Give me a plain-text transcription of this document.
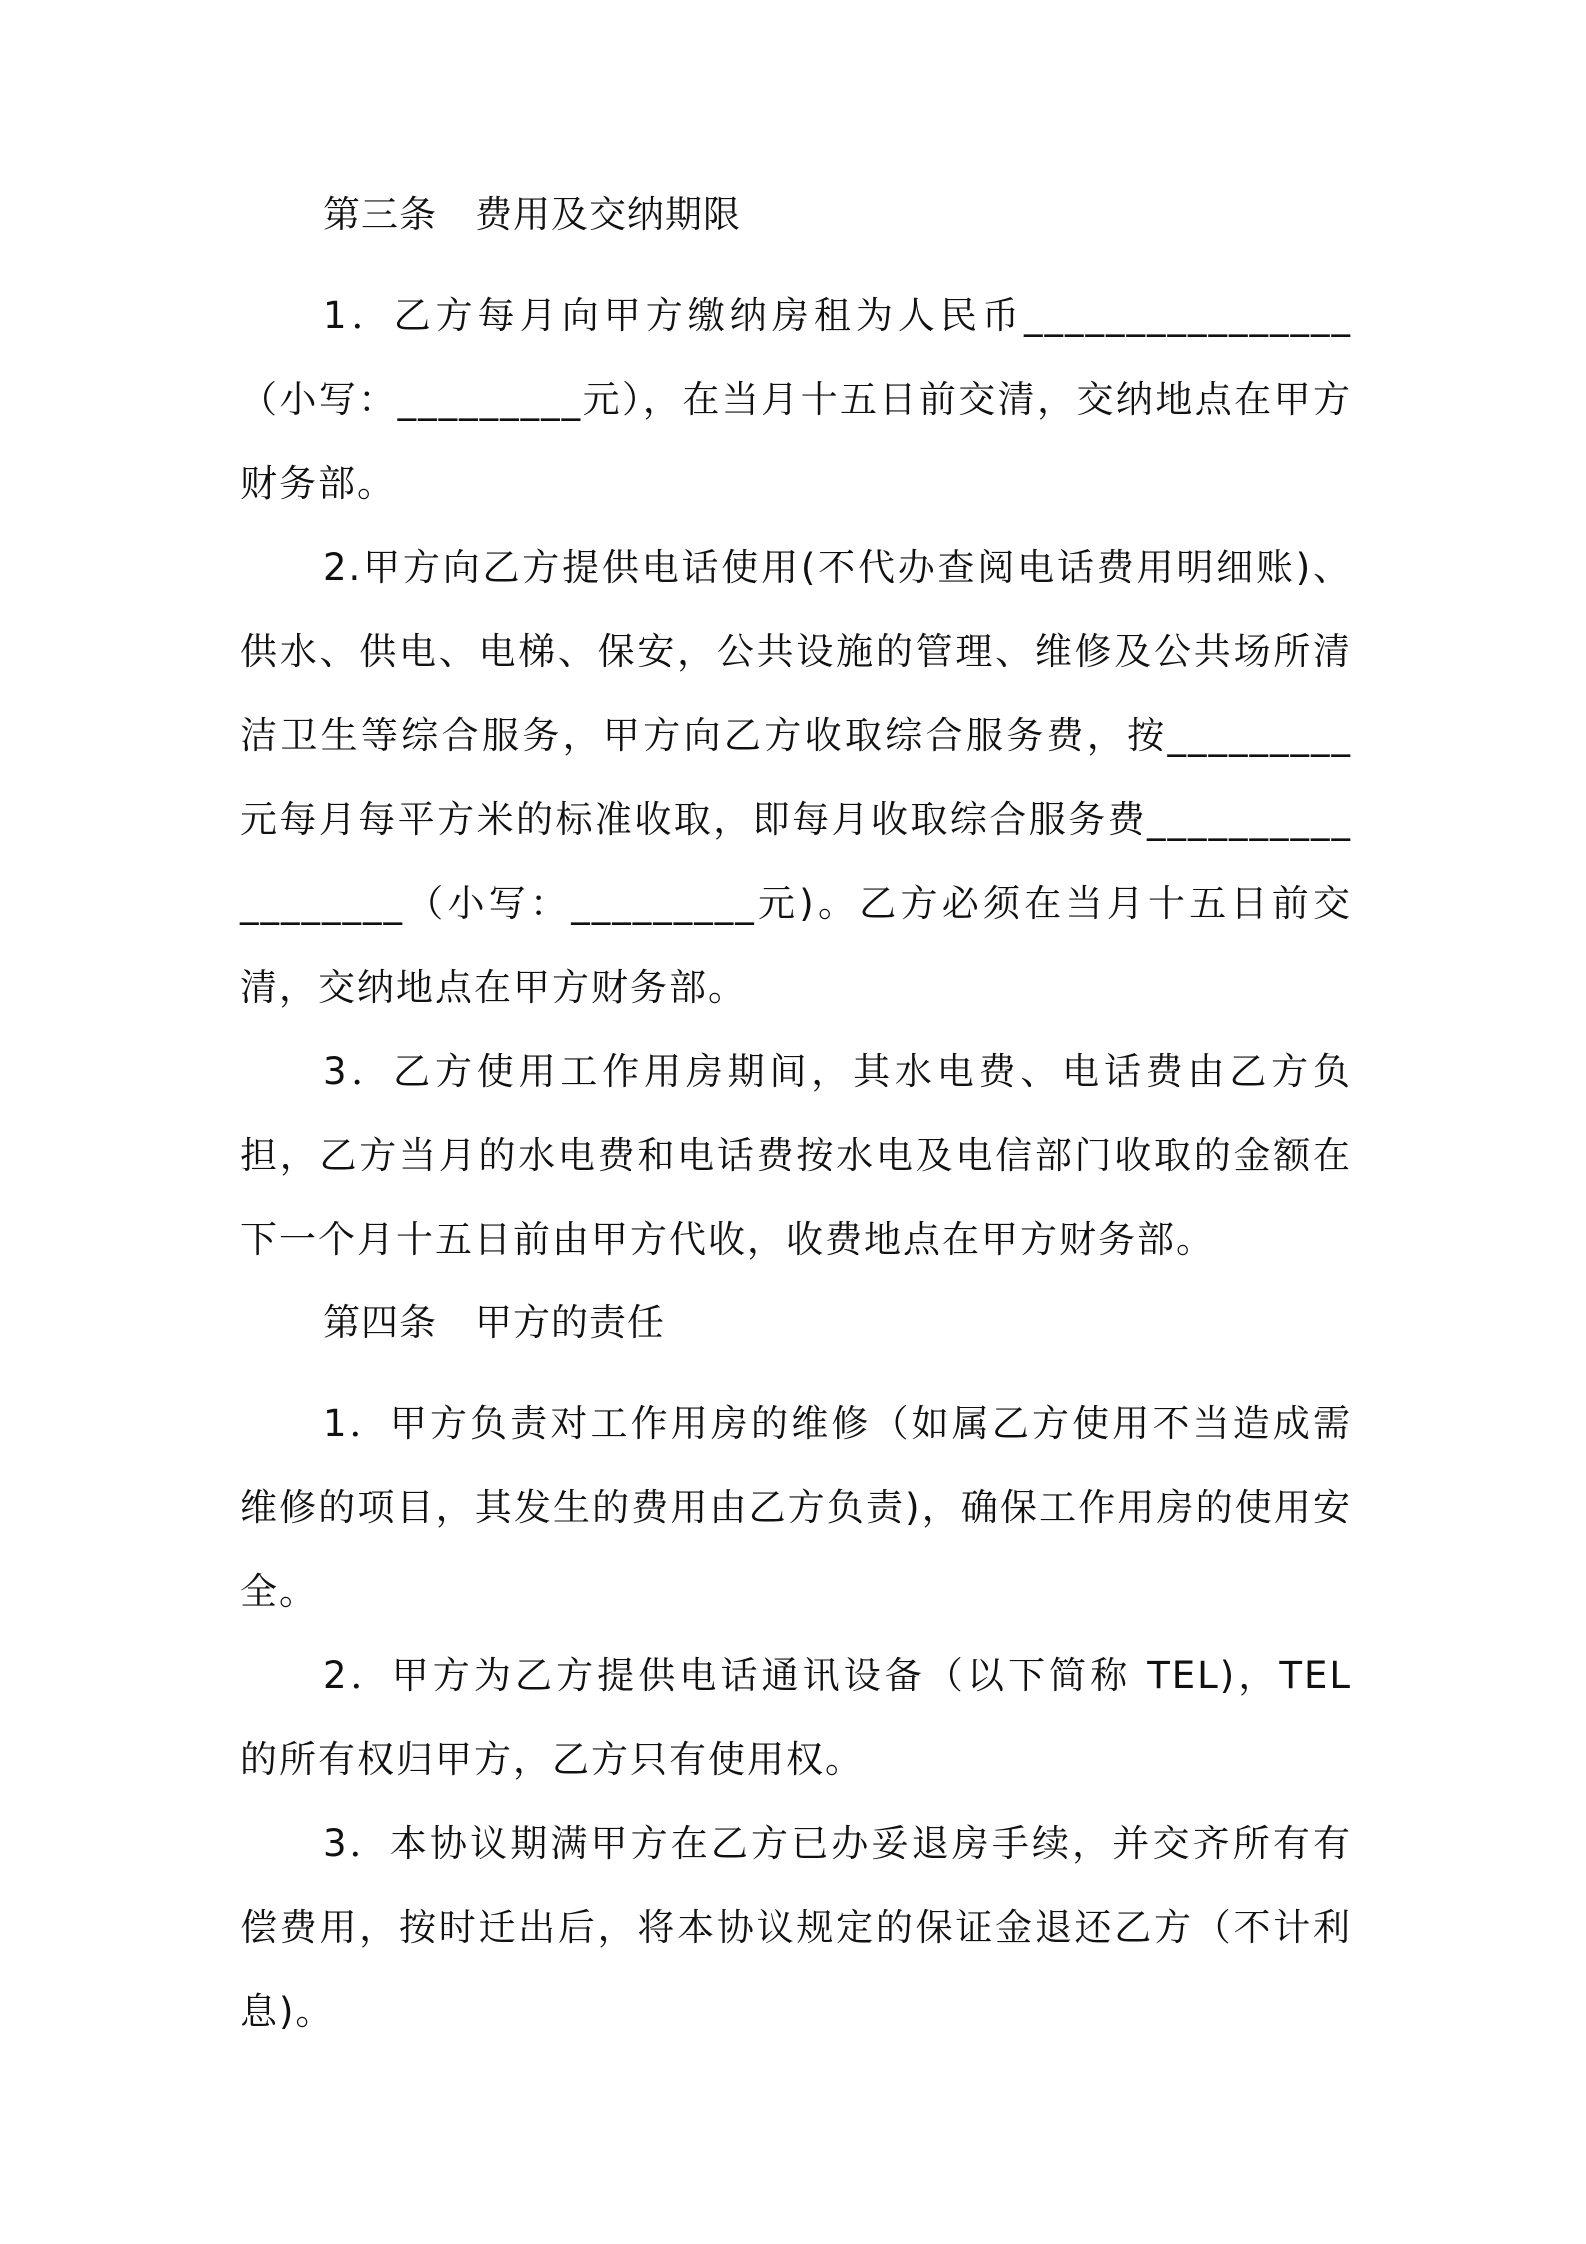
第三条　费用及交纳期限

1．乙方每月向甲方缴纳房租为人民币________________（小写：_________元），在当月十五日前交清，交纳地点在甲方财务部。

2.甲方向乙方提供电话使用(不代办查阅电话费用明细账)、供水、供电、电梯、保安，公共设施的管理、维修及公共场所清洁卫生等综合服务，甲方向乙方收取综合服务费，按_________元每月每平方米的标准收取，即每月收取综合服务费__________________（小写：_________元)。乙方必须在当月十五日前交清，交纳地点在甲方财务部。

3．乙方使用工作用房期间，其水电费、电话费由乙方负担，乙方当月的水电费和电话费按水电及电信部门收取的金额在下一个月十五日前由甲方代收，收费地点在甲方财务部。

第四条　甲方的责任

1．甲方负责对工作用房的维修（如属乙方使用不当造成需维修的项目，其发生的费用由乙方负责)，确保工作用房的使用安全。

2．甲方为乙方提供电话通讯设备（以下简称 TEL)，TEL 的所有权归甲方，乙方只有使用权。

3．本协议期满甲方在乙方已办妥退房手续，并交齐所有有偿费用，按时迁出后，将本协议规定的保证金退还乙方（不计利息)。
